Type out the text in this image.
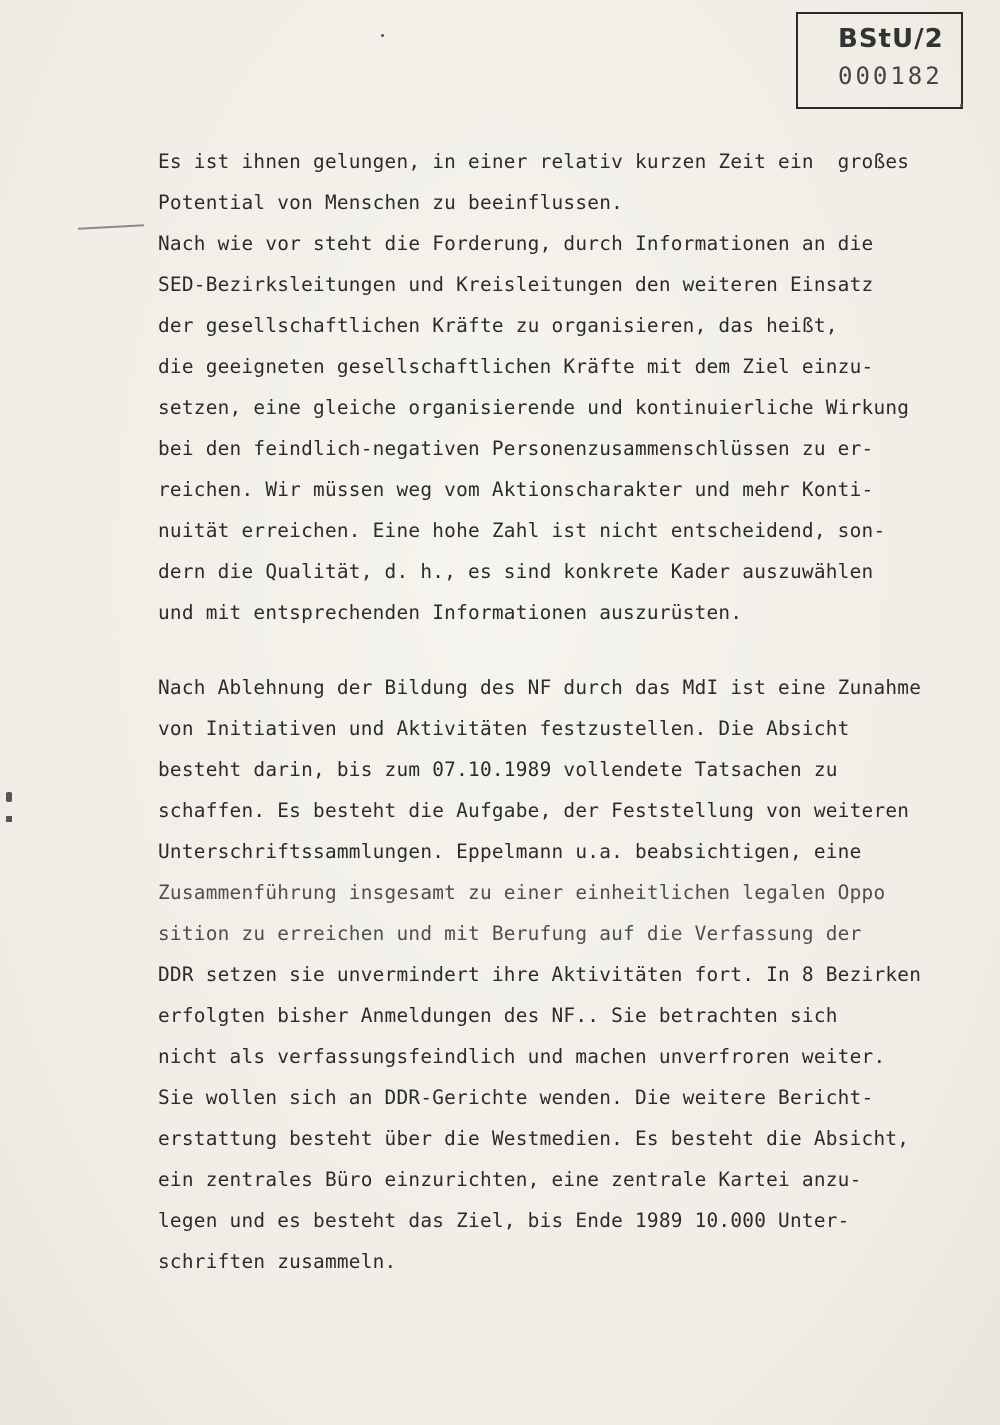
BStU/2
000182

Es ist ihnen gelungen, in einer relativ kurzen Zeit ein  großes

Potential von Menschen zu beeinflussen.

Nach wie vor steht die Forderung, durch Informationen an die

SED-Bezirksleitungen und Kreisleitungen den weiteren Einsatz

der gesellschaftlichen Kräfte zu organisieren, das heißt,

die geeigneten gesellschaftlichen Kräfte mit dem Ziel einzu-

setzen, eine gleiche organisierende und kontinuierliche Wirkung

bei den feindlich-negativen Personenzusammenschlüssen zu er-

reichen. Wir müssen weg vom Aktionscharakter und mehr Konti-

nuität erreichen. Eine hohe Zahl ist nicht entscheidend, son-

dern die Qualität, d. h., es sind konkrete Kader auszuwählen

und mit entsprechenden Informationen auszurüsten.

Nach Ablehnung der Bildung des NF durch das MdI ist eine Zunahme

von Initiativen und Aktivitäten festzustellen. Die Absicht

besteht darin, bis zum 07.10.1989 vollendete Tatsachen zu

schaffen. Es besteht die Aufgabe, der Feststellung von weiteren

Unterschriftssammlungen. Eppelmann u.a. beabsichtigen, eine

Zusammenführung insgesamt zu einer einheitlichen legalen Oppo

sition zu erreichen und mit Berufung auf die Verfassung der

DDR setzen sie unvermindert ihre Aktivitäten fort. In 8 Bezirken

erfolgten bisher Anmeldungen des NF.. Sie betrachten sich

nicht als verfassungsfeindlich und machen unverfroren weiter.

Sie wollen sich an DDR-Gerichte wenden. Die weitere Bericht-

erstattung besteht über die Westmedien. Es besteht die Absicht,

ein zentrales Büro einzurichten, eine zentrale Kartei anzu-

legen und es besteht das Ziel, bis Ende 1989 10.000 Unter-

schriften zusammeln.
